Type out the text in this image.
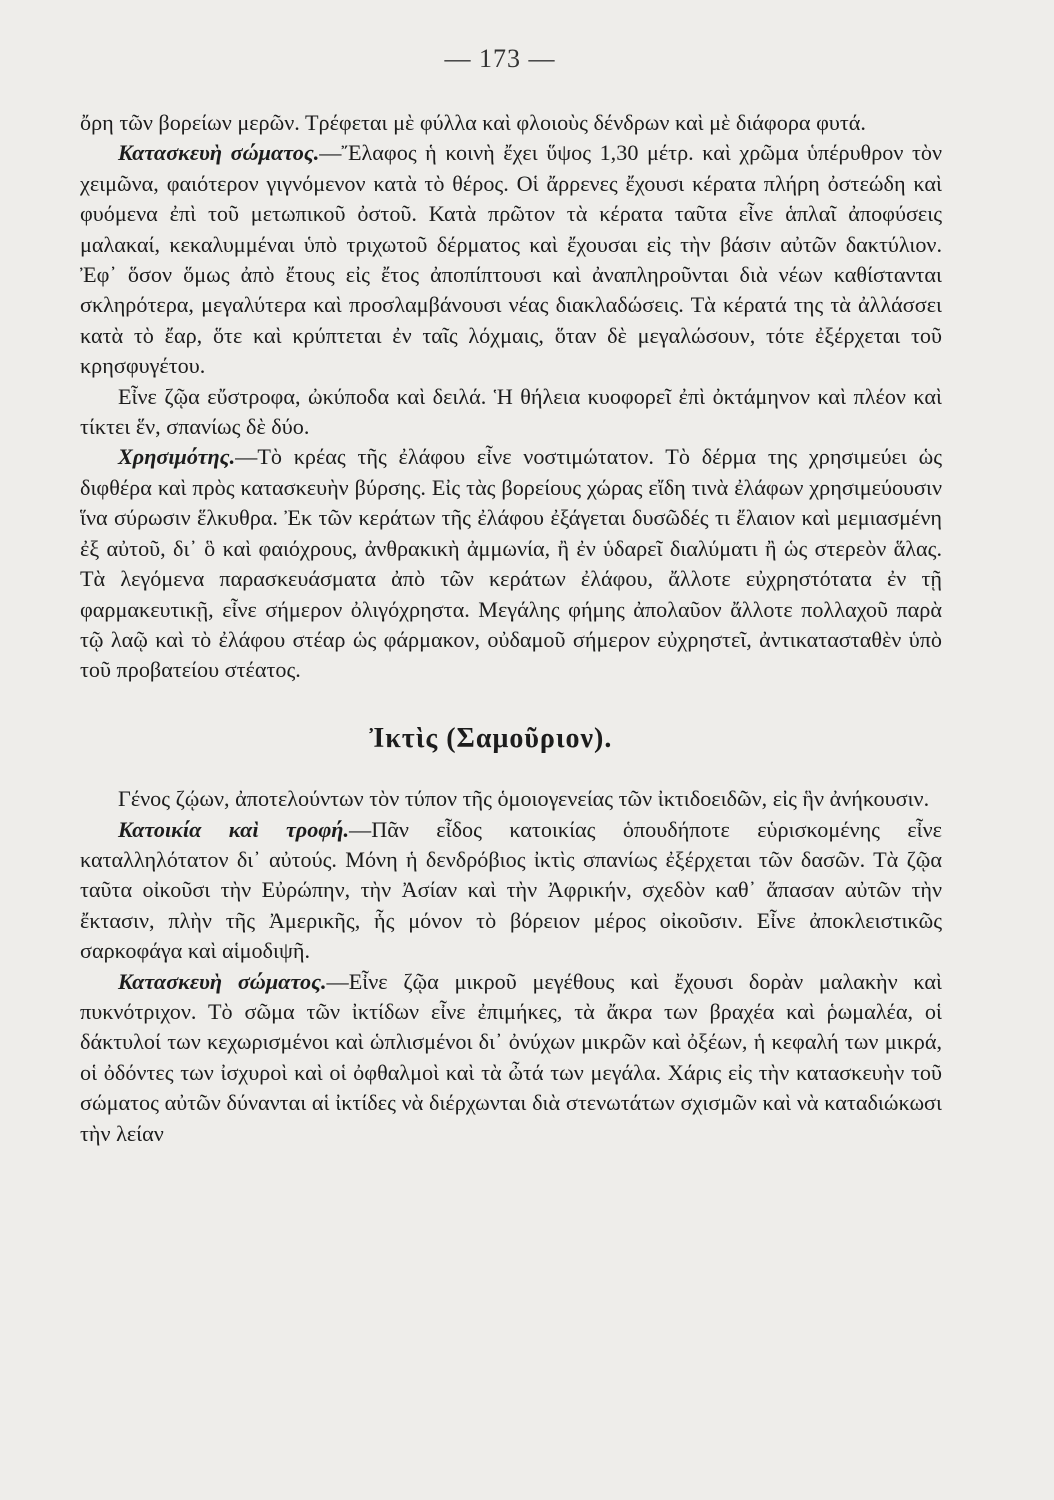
— 173 —

ὄρη τῶν βορείων μερῶν. Τρέφεται μὲ φύλλα καὶ φλοιοὺς δένδρων καὶ μὲ διάφορα φυτά.

Κατασκευὴ σώματος.—Ἔλαφος ἡ κοινὴ ἔχει ὕψος 1,30 μέτρ. καὶ χρῶμα ὑπέρυθρον τὸν χειμῶνα, φαιότερον γιγνόμενον κατὰ τὸ θέρος. Οἱ ἄρρενες ἔχουσι κέρατα πλήρη ὀστεώδη καὶ φυόμενα ἐπὶ τοῦ μετωπικοῦ ὀστοῦ. Κατὰ πρῶτον τὰ κέρατα ταῦτα εἶνε ἁπλαῖ ἀποφύσεις μαλακαί, κεκαλυμμέναι ὑπὸ τριχωτοῦ δέρματος καὶ ἔχουσαι εἰς τὴν βάσιν αὐτῶν δακτύλιον. Ἐφ᾽ ὅσον ὅμως ἀπὸ ἔτους εἰς ἔτος ἀποπίπτουσι καὶ ἀναπληροῦνται διὰ νέων καθίστανται σκληρότερα, μεγαλύτερα καὶ προσλαμβάνουσι νέας διακλαδώσεις. Τὰ κέρατά της τὰ ἀλλάσσει κατὰ τὸ ἔαρ, ὅτε καὶ κρύπτεται ἐν ταῖς λόχμαις, ὅταν δὲ μεγαλώσουν, τότε ἐξέρχεται τοῦ κρησφυγέτου.

Εἶνε ζῷα εὔστροφα, ὠκύποδα καὶ δειλά. Ἡ θήλεια κυοφορεῖ ἐπὶ ὀκτάμηνον καὶ πλέον καὶ τίκτει ἕν, σπανίως δὲ δύο.

Χρησιμότης.—Τὸ κρέας τῆς ἐλάφου εἶνε νοστιμώτατον. Τὸ δέρμα της χρησιμεύει ὡς διφθέρα καὶ πρὸς κατασκευὴν βύρσης. Εἰς τὰς βορείους χώρας εἴδη τινὰ ἐλάφων χρησιμεύουσιν ἵνα σύρωσιν ἕλκυθρα. Ἐκ τῶν κεράτων τῆς ἐλάφου ἐξάγεται δυσῶδές τι ἔλαιον καὶ μεμιασμένη ἐξ αὐτοῦ, δι᾽ ὃ καὶ φαιόχρους, ἀνθρακικὴ ἀμμωνία, ἢ ἐν ὑδαρεῖ διαλύματι ἢ ὡς στερεὸν ἅλας. Τὰ λεγόμενα παρασκευάσματα ἀπὸ τῶν κεράτων ἐλάφου, ἄλλοτε εὐχρηστότατα ἐν τῇ φαρμακευτικῇ, εἶνε σήμερον ὀλιγόχρηστα. Μεγάλης φήμης ἀπολαῦον ἄλλοτε πολλαχοῦ παρὰ τῷ λαῷ καὶ τὸ ἐλάφου στέαρ ὡς φάρμακον, οὐδαμοῦ σήμερον εὐχρηστεῖ, ἀντικατασταθὲν ὑπὸ τοῦ προβατείου στέατος.

Ἰκτὶς (Σαμοῦριον).

Γένος ζῴων, ἀποτελούντων τὸν τύπον τῆς ὁμοιογενείας τῶν ἰκτιδοειδῶν, εἰς ἣν ἀνήκουσιν.

Κατοικία καὶ τροφή.—Πᾶν εἶδος κατοικίας ὁπουδήποτε εὑρισκομένης εἶνε καταλληλότατον δι᾽ αὐτούς. Μόνη ἡ δενδρόβιος ἰκτὶς σπανίως ἐξέρχεται τῶν δασῶν. Τὰ ζῷα ταῦτα οἰκοῦσι τὴν Εὐρώπην, τὴν Ἀσίαν καὶ τὴν Ἀφρικήν, σχεδὸν καθ᾽ ἅπασαν αὐτῶν τὴν ἔκτασιν, πλὴν τῆς Ἀμερικῆς, ἧς μόνον τὸ βόρειον μέρος οἰκοῦσιν. Εἶνε ἀποκλειστικῶς σαρκοφάγα καὶ αἱμοδιψῆ.

Κατασκευὴ σώματος.—Εἶνε ζῷα μικροῦ μεγέθους καὶ ἔχουσι δορὰν μαλακὴν καὶ πυκνότριχον. Τὸ σῶμα τῶν ἰκτίδων εἶνε ἐπιμήκες, τὰ ἄκρα των βραχέα καὶ ῥωμαλέα, οἱ δάκτυλοί των κεχωρισμένοι καὶ ὡπλισμένοι δι᾽ ὀνύχων μικρῶν καὶ ὀξέων, ἡ κεφαλή των μικρά, οἱ ὀδόντες των ἰσχυροὶ καὶ οἱ ὀφθαλμοὶ καὶ τὰ ὦτά των μεγάλα. Χάρις εἰς τὴν κατασκευὴν τοῦ σώματος αὐτῶν δύνανται αἱ ἰκτίδες νὰ διέρχωνται διὰ στενωτάτων σχισμῶν καὶ νὰ καταδιώκωσι τὴν λείαν
